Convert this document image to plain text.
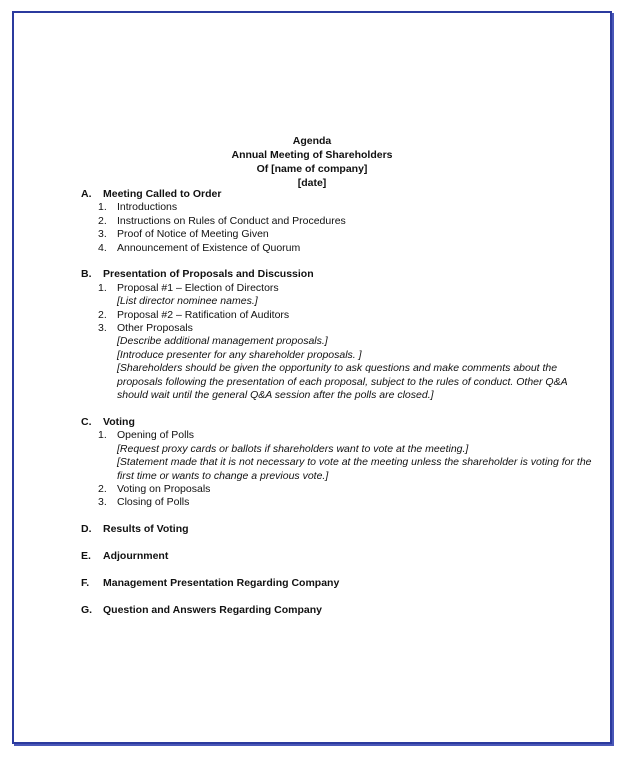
Agenda
Annual Meeting of Shareholders
Of [name of company]
[date]
A.	Meeting Called to Order
1. Introductions
2. Instructions on Rules of Conduct and Procedures
3. Proof of Notice of Meeting Given
4. Announcement of Existence of Quorum
B.	Presentation of Proposals and Discussion
1. Proposal #1 – Election of Directors
[List director nominee names.]
2. Proposal #2 – Ratification of Auditors
3. Other Proposals
[Describe additional management proposals.]
[Introduce presenter for any shareholder proposals. ]
[Shareholders should be given the opportunity to ask questions and make comments about the proposals following the presentation of each proposal, subject to the rules of conduct. Other Q&A should wait until the general Q&A session after the polls are closed.]
C.	Voting
1. Opening of Polls
[Request proxy cards or ballots if shareholders want to vote at the meeting.]
[Statement made that it is not necessary to vote at the meeting unless the shareholder is voting for the first time or wants to change a previous vote.]
2. Voting on Proposals
3. Closing of Polls
D.	Results of Voting
E.	Adjournment
F.	Management Presentation Regarding Company
G.	Question and Answers Regarding Company
